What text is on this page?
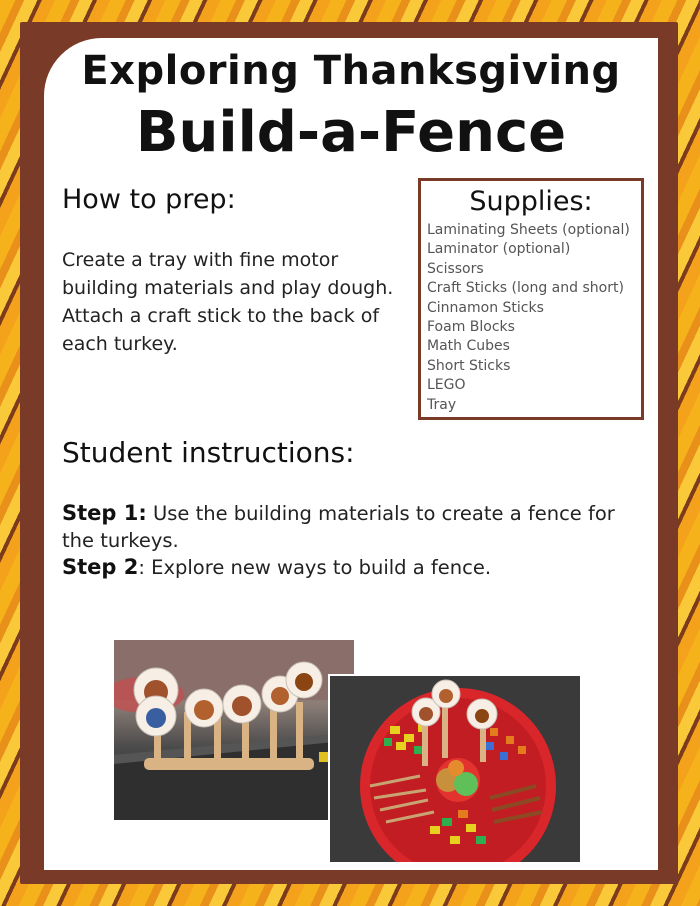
Exploring Thanksgiving
Build-a-Fence
How to prep:
Create a tray with fine motor building materials and play dough. Attach a craft stick to the back of each turkey.
Supplies:
Laminating Sheets (optional)
Laminator (optional)
Scissors
Craft Sticks (long and short)
Cinnamon Sticks
Foam Blocks
Math Cubes
Short Sticks
LEGO
Tray
Student instructions:
Step 1: Use the building materials to create a fence for the turkeys.
Step 2: Explore new ways to build a fence.
